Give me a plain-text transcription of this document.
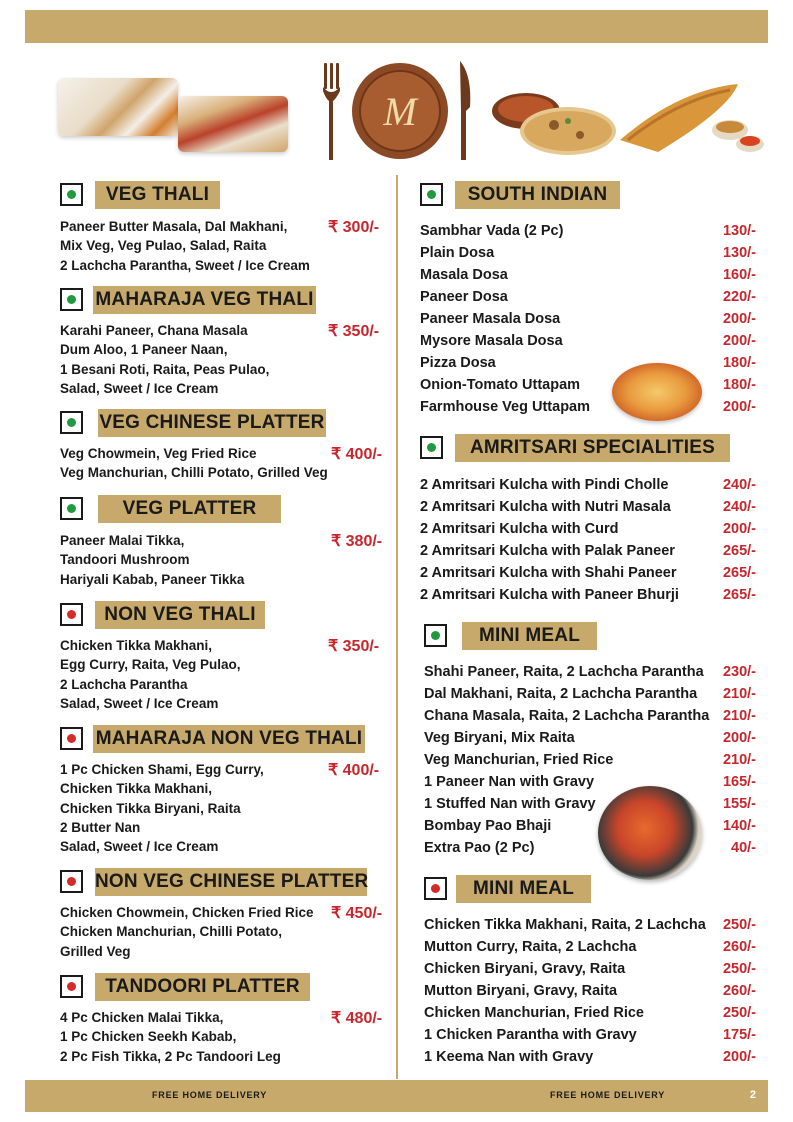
M
VEG THALI
Paneer Butter Masala, Dal Makhani,
Mix Veg, Veg Pulao, Salad, Raita
2 Lachcha Parantha, Sweet / Ice Cream
₹ 300/-
MAHARAJA VEG THALI
Karahi Paneer, Chana Masala
Dum Aloo, 1 Paneer Naan,
1 Besani Roti, Raita, Peas Pulao,
Salad, Sweet / Ice Cream
₹ 350/-
VEG CHINESE PLATTER
Veg Chowmein, Veg Fried Rice
Veg Manchurian, Chilli Potato, Grilled Veg
₹ 400/-
VEG PLATTER
Paneer Malai Tikka,
Tandoori Mushroom
Hariyali Kabab, Paneer Tikka
₹ 380/-
NON VEG THALI
Chicken Tikka Makhani,
Egg Curry, Raita, Veg Pulao,
2 Lachcha Parantha
Salad, Sweet / Ice Cream
₹ 350/-
MAHARAJA NON VEG THALI
1 Pc Chicken Shami, Egg Curry,
Chicken Tikka Makhani,
Chicken Tikka Biryani, Raita
2 Butter Nan
Salad, Sweet / Ice Cream
₹ 400/-
NON VEG CHINESE PLATTER
Chicken Chowmein, Chicken Fried Rice
Chicken Manchurian, Chilli Potato,
Grilled Veg
₹ 450/-
TANDOORI PLATTER
4 Pc Chicken Malai Tikka,
1 Pc Chicken Seekh Kabab,
2 Pc Fish Tikka, 2 Pc Tandoori Leg
₹ 480/-
SOUTH INDIAN
Sambhar Vada (2 Pc)	130/-
Plain Dosa	130/-
Masala Dosa	160/-
Paneer Dosa	220/-
Paneer Masala Dosa	200/-
Mysore Masala Dosa	200/-
Pizza Dosa	180/-
Onion-Tomato Uttapam	180/-
Farmhouse Veg Uttapam	200/-
AMRITSARI SPECIALITIES
2 Amritsari Kulcha with Pindi Cholle	240/-
2 Amritsari Kulcha with Nutri Masala	240/-
2 Amritsari Kulcha with Curd	200/-
2 Amritsari Kulcha with Palak Paneer	265/-
2 Amritsari Kulcha with Shahi Paneer	265/-
2 Amritsari Kulcha with Paneer Bhurji	265/-
MINI MEAL
Shahi Paneer, Raita, 2 Lachcha Parantha 230/-
Dal Makhani, Raita, 2 Lachcha Parantha 210/-
Chana Masala, Raita, 2 Lachcha Parantha 210/-
Veg Biryani, Mix Raita	200/-
Veg Manchurian, Fried Rice	210/-
1 Paneer Nan with Gravy	165/-
1 Stuffed Nan with Gravy	155/-
Bombay Pao Bhaji	140/-
Extra Pao (2 Pc)	40/-
MINI MEAL
Chicken Tikka Makhani, Raita, 2 Lachcha 250/-
Mutton Curry, Raita, 2 Lachcha	260/-
Chicken Biryani, Gravy, Raita	250/-
Mutton Biryani, Gravy, Raita	260/-
Chicken Manchurian, Fried Rice	250/-
1 Chicken Parantha with Gravy	175/-
1 Keema Nan with Gravy	200/-
FREE HOME DELIVERY	FREE HOME DELIVERY	2
